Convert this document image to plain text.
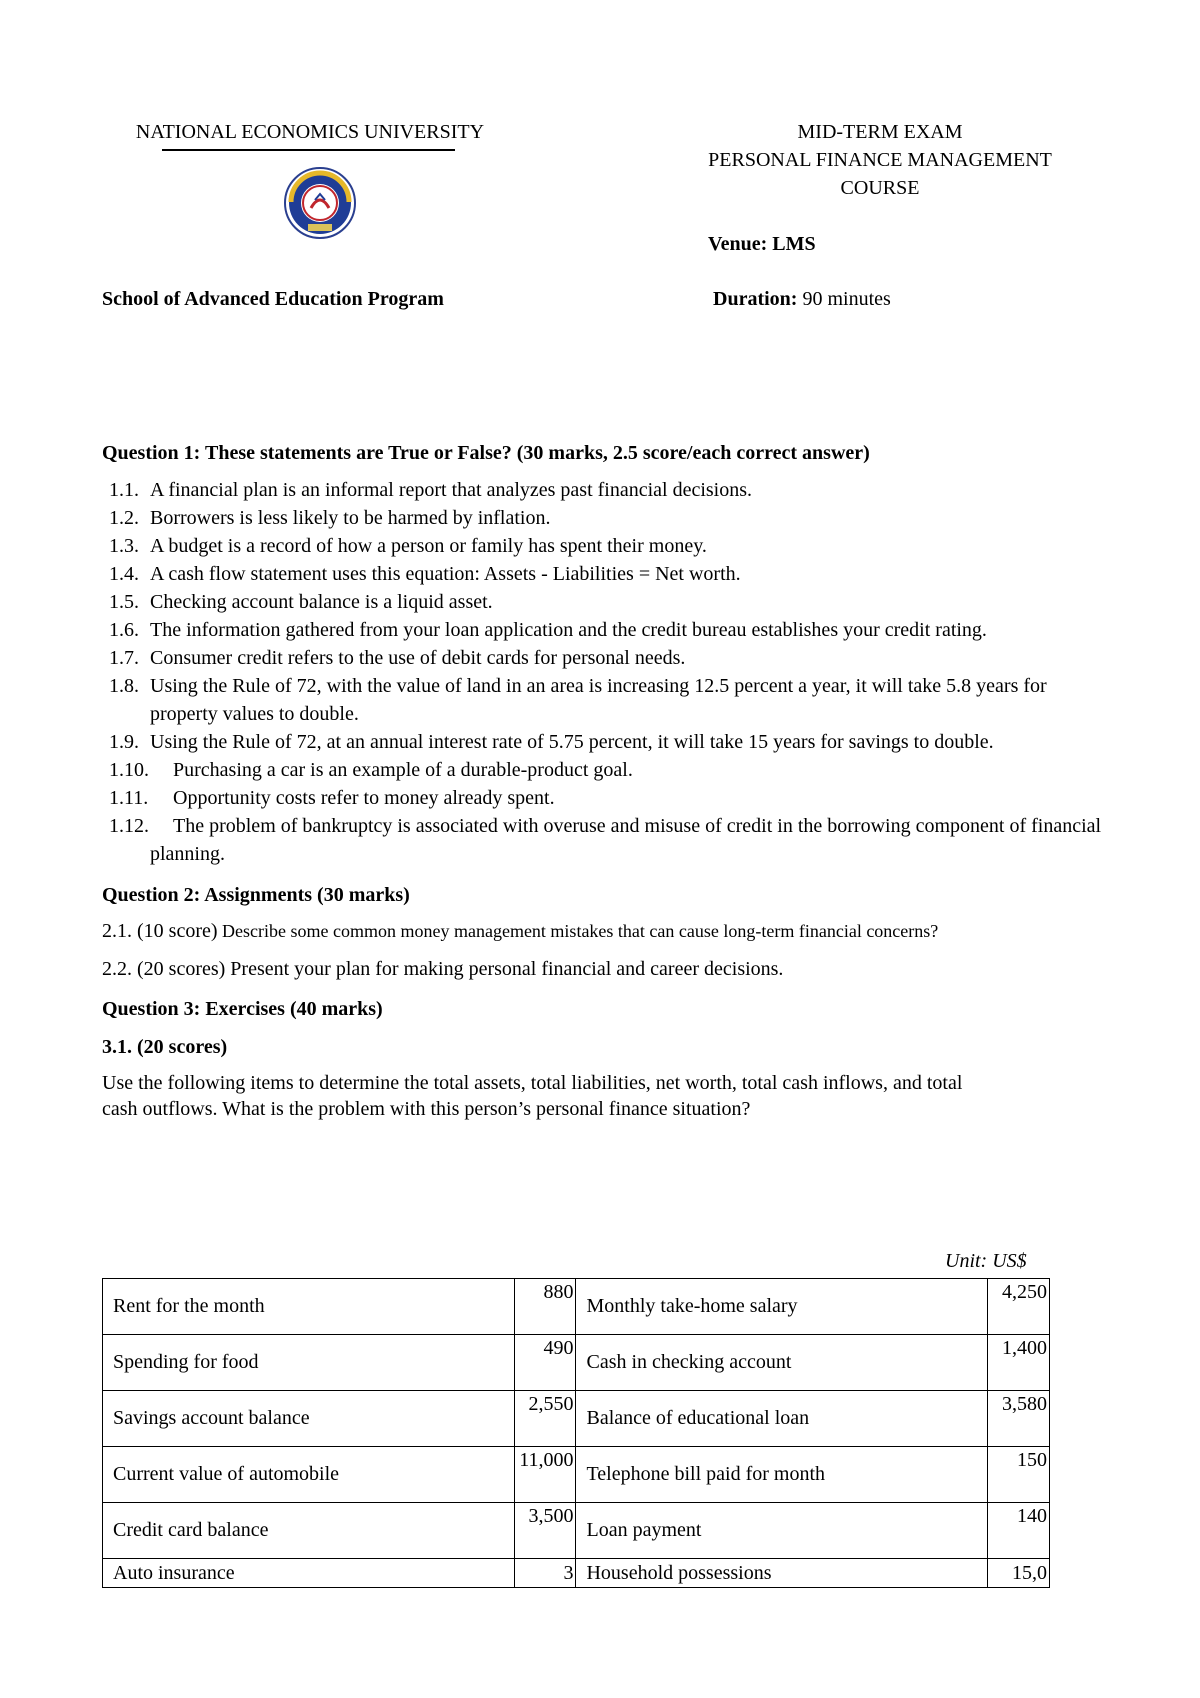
NATIONAL ECONOMICS UNIVERSITY	MID-TERM EXAM
PERSONAL FINANCE MANAGEMENT
COURSE
Venue: LMS
School of Advanced Education Program	Duration: 90 minutes

Question 1: These statements are True or False? (30 marks, 2.5 score/each correct answer)

1.1. A financial plan is an informal report that analyzes past financial decisions.
1.2. Borrowers is less likely to be harmed by inflation.
1.3. A budget is a record of how a person or family has spent their money.
1.4. A cash flow statement uses this equation: Assets - Liabilities = Net worth.
1.5. Checking account balance is a liquid asset.
1.6. The information gathered from your loan application and the credit bureau establishes your credit rating.
1.7. Consumer credit refers to the use of debit cards for personal needs.
1.8. Using the Rule of 72, with the value of land in an area is increasing 12.5 percent a year, it will take 5.8 years for property values to double.
1.9. Using the Rule of 72, at an annual interest rate of 5.75 percent, it will take 15 years for savings to double.
1.10. Purchasing a car is an example of a durable-product goal.
1.11. Opportunity costs refer to money already spent.
1.12. The problem of bankruptcy is associated with overuse and misuse of credit in the borrowing component of financial planning.

Question 2: Assignments (30 marks)

2.1. (10 score) Describe some common money management mistakes that can cause long-term financial concerns?

2.2. (20 scores) Present your plan for making personal financial and career decisions.

Question 3: Exercises (40 marks)

3.1. (20 scores)

Use the following items to determine the total assets, total liabilities, net worth, total cash inflows, and total cash outflows. What is the problem with this person’s personal finance situation?

Unit: US$
Rent for the month	880	Monthly take-home salary	4,250
Spending for food	490	Cash in checking account	1,400
Savings account balance	2,550	Balance of educational loan	3,580
Current value of automobile	11,000	Telephone bill paid for month	150
Credit card balance	3,500	Loan payment	140
Auto insurance	3	Household possessions	15,0
